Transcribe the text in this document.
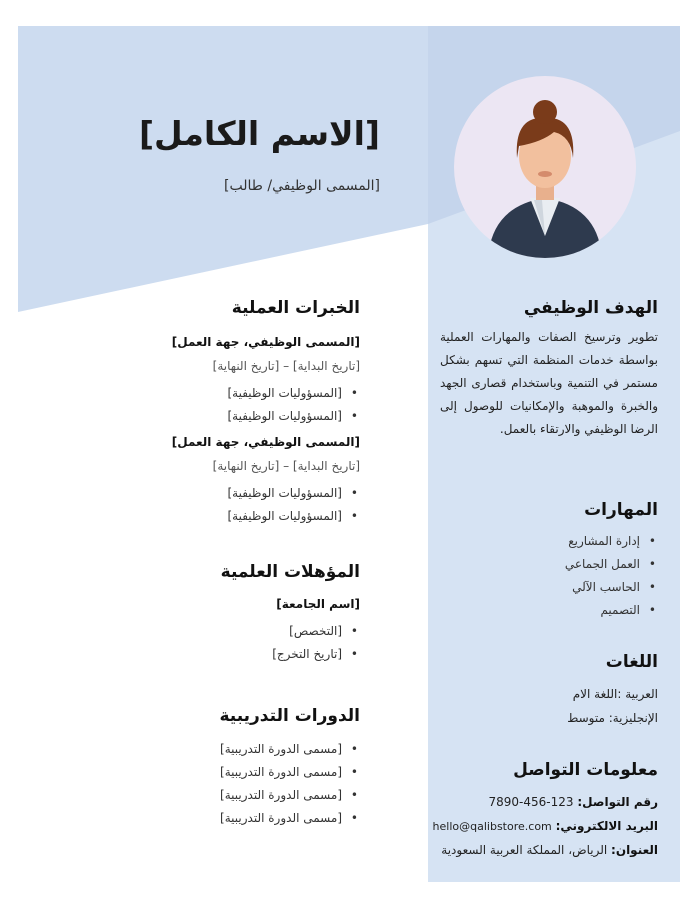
[الاسم الكامل]
[المسمى الوظيفي/ طالب]
الهدف الوظيفي
تطوير وترسيخ الصفات والمهارات العملية بواسطة خدمات المنظمة التي تسهم بشكل مستمر في التنمية وباستخدام قصارى الجهد والخبرة والموهبة والإمكانيات للوصول إلى الرضا الوظيفي والارتقاء بالعمل.
المهارات
• إدارة المشاريع
• العمل الجماعي
• الحاسب الآلي
• التصميم
اللغات
العربية :اللغة الام
الإنجليزية: متوسط
معلومات التواصل
رقم التواصل: 123-456-7890
البريد الالكتروني: hello@qalibstore.com
العنوان: الرياض، المملكة العربية السعودية
الخبرات العملية
[المسمى الوظيفي، جهة العمل]
[تاريخ البداية] – [تاريخ النهاية]
• [المسؤوليات الوظيفية]
• [المسؤوليات الوظيفية]
[المسمى الوظيفي، جهة العمل]
[تاريخ البداية] – [تاريخ النهاية]
• [المسؤوليات الوظيفية]
• [المسؤوليات الوظيفية]
المؤهلات العلمية
[اسم الجامعة]
• [التخصص]
• [تاريخ التخرج]
الدورات التدريبية
• [مسمى الدورة التدريبية]
• [مسمى الدورة التدريبية]
• [مسمى الدورة التدريبية]
• [مسمى الدورة التدريبية]
